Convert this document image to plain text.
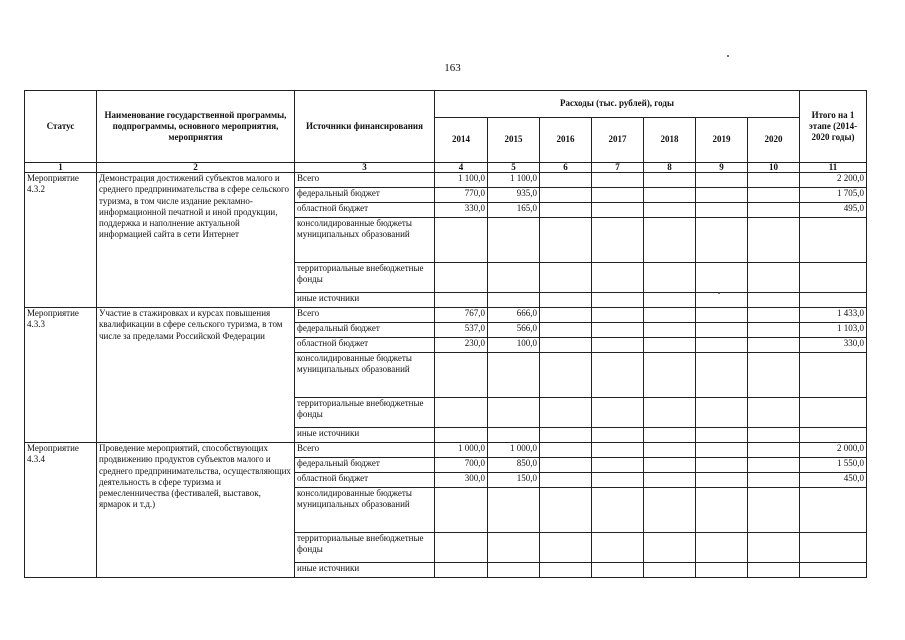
163
Статус	Наименование государственной программы, подпрограммы, основного мероприятия, мероприятия	Источники финансирования	Расходы (тыс. рублей), годы							Итого на 1 этапе (2014-2020 годы)
			2014	2015	2016	2017	2018	2019	2020	
1	2	3	4	5	6	7	8	9	10	11
Мероприятие 4.3.2	Демонстрация достижений субъектов малого и среднего предпринимательства в сфере сельского туризма, в том числе издание рекламно-информационной печатной и иной продукции, поддержка и наполнение актуальной информацией сайта в сети Интернет	Всего	1 100,0	1 100,0						2 200,0
		федеральный бюджет	770,0	935,0						1 705,0
		областной бюджет	330,0	165,0						495,0
		консолидированные бюджеты муниципальных образований								
		территориальные внебюджетные фонды								
		иные источники								
Мероприятие 4.3.3	Участие в стажировках и курсах повышения квалификации в сфере сельского туризма, в том числе за пределами Российской Федерации	Всего	767,0	666,0						1 433,0
		федеральный бюджет	537,0	566,0						1 103,0
		областной бюджет	230,0	100,0						330,0
		консолидированные бюджеты муниципальных образований								
		территориальные внебюджетные фонды								
		иные источники								
Мероприятие 4.3.4	Проведение мероприятий, способствующих продвижению продуктов субъектов малого и среднего предпринимательства, осуществляющих деятельность в сфере туризма и ремесленничества (фестивалей, выставок, ярмарок и т.д.)	Всего	1 000,0	1 000,0						2 000,0
		федеральный бюджет	700,0	850,0						1 550,0
		областной бюджет	300,0	150,0						450,0
		консолидированные бюджеты муниципальных образований								
		территориальные внебюджетные фонды								
		иные источники								
